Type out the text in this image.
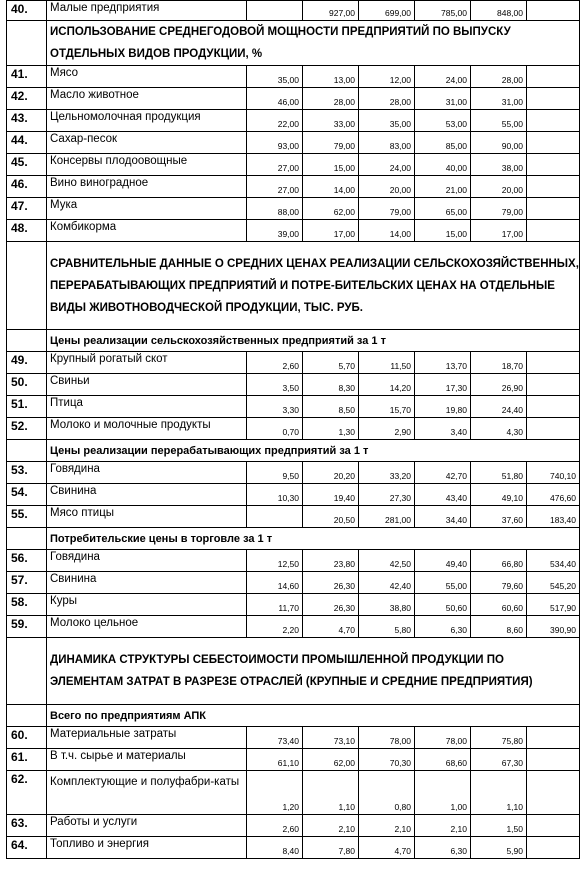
40.	Малые предприятия		927,00	699,00	785,00	848,00	
	ИСПОЛЬЗОВАНИЕ СРЕДНЕГОДОВОЙ МОЩНОСТИ ПРЕДПРИЯТИЙ ПО ВЫПУСКУ ОТДЕЛЬНЫХ ВИДОВ ПРОДУКЦИИ, %						
41.	Мясо	35,00	13,00	12,00	24,00	28,00	
42.	Масло животное	46,00	28,00	28,00	31,00	31,00	
43.	Цельномолочная продукция	22,00	33,00	35,00	53,00	55,00	
44.	Сахар-песок	93,00	79,00	83,00	85,00	90,00	
45.	Консервы плодоовощные	27,00	15,00	24,00	40,00	38,00	
46.	Вино виноградное	27,00	14,00	20,00	21,00	20,00	
47.	Мука	88,00	62,00	79,00	65,00	79,00	
48.	Комбикорма	39,00	17,00	14,00	15,00	17,00	
	СРАВНИТЕЛЬНЫЕ ДАННЫЕ О СРЕДНИХ ЦЕНАХ РЕАЛИЗАЦИИ СЕЛЬСКОХОЗЯЙСТВЕННЫХ, ПЕРЕРАБАТЫВАЮЩИХ ПРЕДПРИЯТИЙ И ПОТРЕ-БИТЕЛЬСКИХ ЦЕНАХ НА ОТДЕЛЬНЫЕ ВИДЫ ЖИВОТНОВОДЧЕСКОЙ ПРОДУКЦИИ, ТЫС. РУБ.						
	Цены реализации сельскохозяйственных предприятий за 1 т						
49.	Крупный рогатый скот	2,60	5,70	11,50	13,70	18,70	
50.	Свиньи	3,50	8,30	14,20	17,30	26,90	
51.	Птица	3,30	8,50	15,70	19,80	24,40	
52.	Молоко и молочные продукты	0,70	1,30	2,90	3,40	4,30	
	Цены реализации перерабатывающих предприятий за 1 т						
53.	Говядина	9,50	20,20	33,20	42,70	51,80	740,10
54.	Свинина	10,30	19,40	27,30	43,40	49,10	476,60
55.	Мясо птицы		20,50	281,00	34,40	37,60	183,40
	Потребительские цены в торговле за 1 т						
56.	Говядина	12,50	23,80	42,50	49,40	66,80	534,40
57.	Свинина	14,60	26,30	42,40	55,00	79,60	545,20
58.	Куры	11,70	26,30	38,80	50,60	60,60	517,90
59.	Молоко цельное	2,20	4,70	5,80	6,30	8,60	390,90
	ДИНАМИКА СТРУКТУРЫ СЕБЕСТОИМОСТИ ПРОМЫШЛЕННОЙ ПРОДУКЦИИ ПО ЭЛЕМЕНТАМ ЗАТРАТ В РАЗРЕЗЕ ОТРАСЛЕЙ (КРУПНЫЕ И СРЕДНИЕ ПРЕДПРИЯТИЯ)						
	Всего по предприятиям АПК						
60.	Материальные затраты	73,40	73,10	78,00	78,00	75,80	
61.	В т.ч. сырье и материалы	61,10	62,00	70,30	68,60	67,30	
62.	Комплектующие и полуфабри-каты	1,20	1,10	0,80	1,00	1,10	
63.	Работы и услуги	2,60	2,10	2,10	2,10	1,50	
64.	Топливо и энергия	8,40	7,80	4,70	6,30	5,90	
